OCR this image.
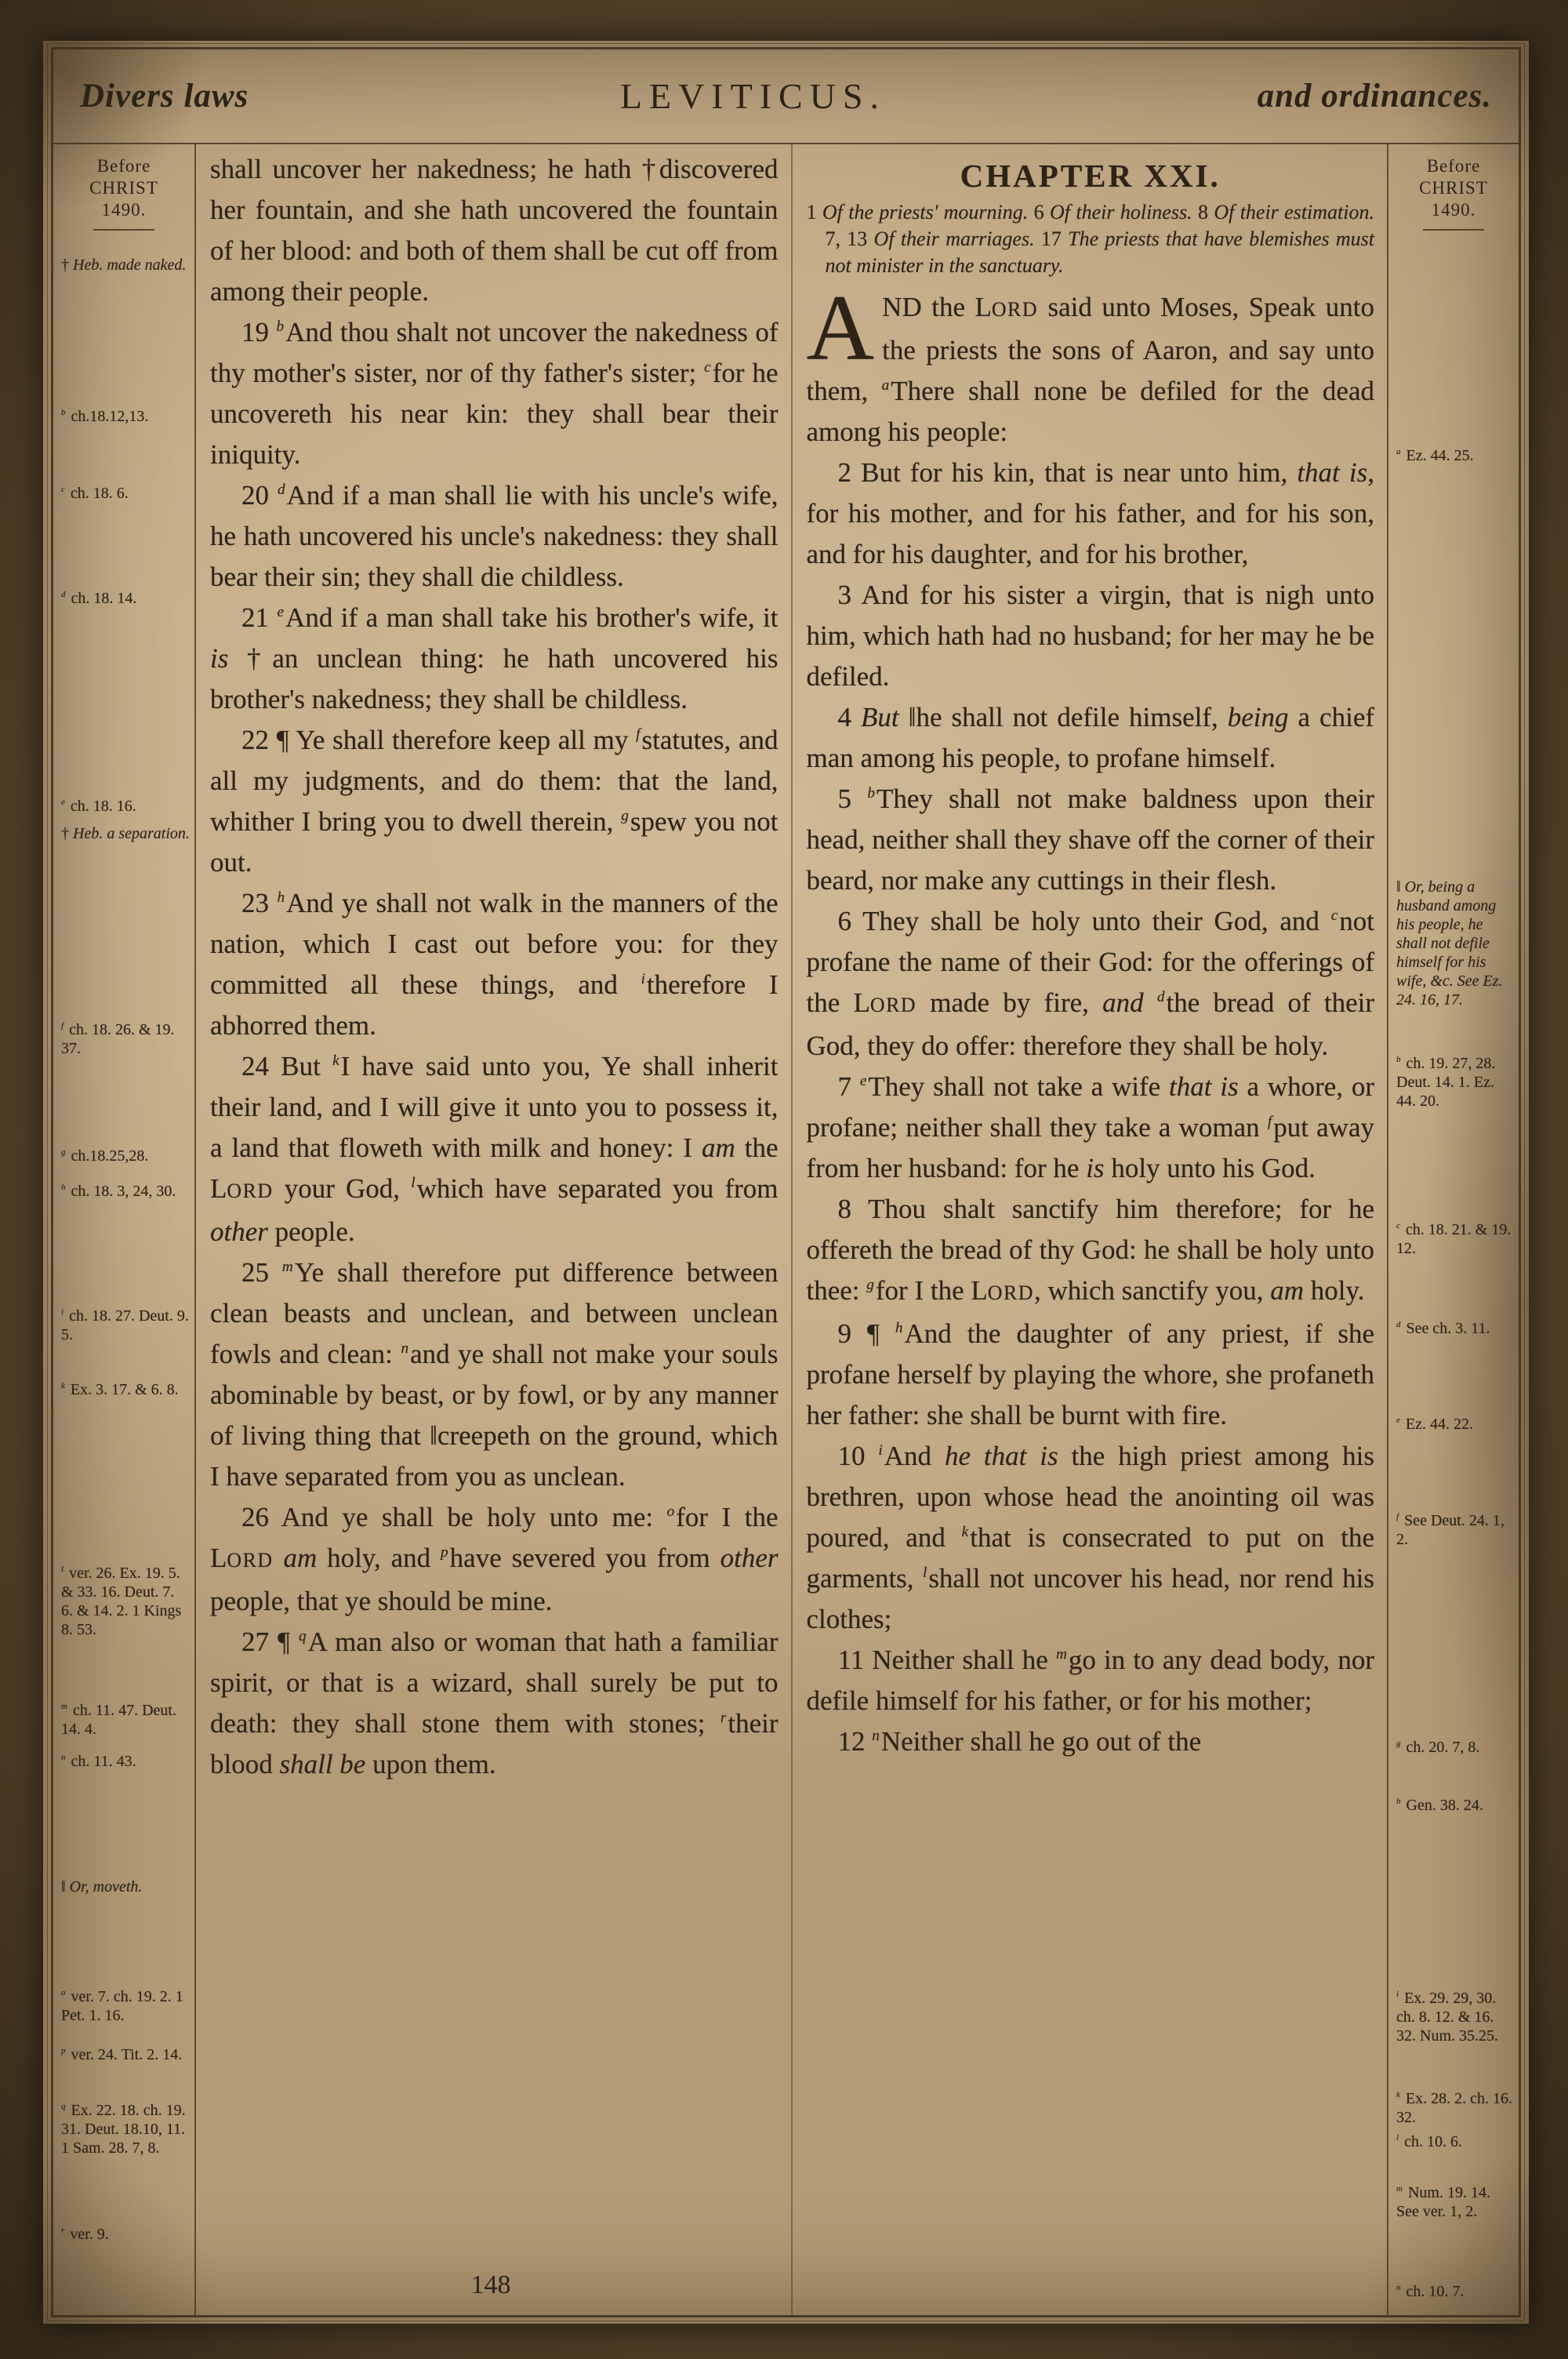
Divers laws	LEVITICUS.	and ordinances.
Before
CHRIST
1490.
† Heb. made naked.
$^b$ ch.18.12,13.
$^c$ ch. 18. 6.
$^d$ ch. 18. 14.
$^e$ ch. 18. 16.
† Heb. a separation.
$^f$ ch. 18. 26. & 19. 37.
$^g$ ch.18.25,28.
$^h$ ch. 18. 3, 24, 30.
$^i$ ch. 18. 27. Deut. 9. 5.
$^k$ Ex. 3. 17. & 6. 8.
$^l$ ver. 26. Ex. 19. 5. & 33. 16. Deut. 7. 6. & 14. 2. 1 Kings 8. 53.
$^m$ ch. 11. 47. Deut. 14. 4.
$^n$ ch. 11. 43.
‖ Or, moveth.
$^o$ ver. 7. ch. 19. 2. 1 Pet. 1. 16.
$^p$ ver. 24. Tit. 2. 14.
$^q$ Ex. 22. 18. ch. 19. 31. Deut. 18.10, 11. 1 Sam. 28. 7, 8.
$^r$ ver. 9.

shall uncover her nakedness; he hath †discovered her fountain, and she hath uncovered the fountain of her blood: and both of them shall be cut off from among their people.

19 $^b$And thou shalt not uncover the nakedness of thy mother's sister, nor of thy father's sister; $^c$for he uncovereth his near kin: they shall bear their iniquity.

20 $^d$And if a man shall lie with his uncle's wife, he hath uncovered his uncle's nakedness: they shall bear their sin; they shall die childless.

21 $^e$And if a man shall take his brother's wife, it is †an unclean thing: he hath uncovered his brother's nakedness; they shall be childless.

22 ¶ Ye shall therefore keep all my $^f$statutes, and all my judgments, and do them: that the land, whither I bring you to dwell therein, $^g$spew you not out.

23 $^h$And ye shall not walk in the manners of the nation, which I cast out before you: for they committed all these things, and $^i$therefore I abhorred them.

24 But $^k$I have said unto you, Ye shall inherit their land, and I will give it unto you to possess it, a land that floweth with milk and honey: I am the LORD your God, $^l$which have separated you from other people.

25 $^m$Ye shall therefore put difference between clean beasts and unclean, and between unclean fowls and clean: $^n$and ye shall not make your souls abominable by beast, or by fowl, or by any manner of living thing that ‖creepeth on the ground, which I have separated from you as unclean.

26 And ye shall be holy unto me: $^o$for I the LORD am holy, and $^p$have severed you from other people, that ye should be mine.

27 ¶ $^q$A man also or woman that hath a familiar spirit, or that is a wizard, shall surely be put to death: they shall stone them with stones; $^r$their blood shall be upon them.

CHAPTER XXI.

1 Of the priests' mourning. 6 Of their holiness. 8 Of their estimation. 7, 13 Of their marriages. 17 The priests that have blemishes must not minister in the sanctuary.

AND the LORD said unto Moses, Speak unto the priests the sons of Aaron, and say unto them, $^a$There shall none be defiled for the dead among his people:

2 But for his kin, that is near unto him, that is, for his mother, and for his father, and for his son, and for his daughter, and for his brother,

3 And for his sister a virgin, that is nigh unto him, which hath had no husband; for her may he be defiled.

4 But ‖he shall not defile himself, being a chief man among his people, to profane himself.

5 $^b$They shall not make baldness upon their head, neither shall they shave off the corner of their beard, nor make any cuttings in their flesh.

6 They shall be holy unto their God, and $^c$not profane the name of their God: for the offerings of the LORD made by fire, and $^d$the bread of their God, they do offer: therefore they shall be holy.

7 $^e$They shall not take a wife that is a whore, or profane; neither shall they take a woman $^f$put away from her husband: for he is holy unto his God.

8 Thou shalt sanctify him therefore; for he offereth the bread of thy God: he shall be holy unto thee: $^g$for I the LORD, which sanctify you, am holy.

9 ¶ $^h$And the daughter of any priest, if she profane herself by playing the whore, she profaneth her father: she shall be burnt with fire.

10 $^i$And he that is the high priest among his brethren, upon whose head the anointing oil was poured, and $^k$that is consecrated to put on the garments, $^l$shall not uncover his head, nor rend his clothes;

11 Neither shall he $^m$go in to any dead body, nor defile himself for his father, or for his mother;

12 $^n$Neither shall he go out of the

Before
CHRIST
1490.
$^a$ Ez. 44. 25.
‖ Or, being a husband among his people, he shall not defile himself for his wife, &c. See Ez. 24. 16, 17.
$^b$ ch. 19. 27, 28. Deut. 14. 1. Ez. 44. 20.
$^c$ ch. 18. 21. & 19. 12.
$^d$ See ch. 3. 11.
$^e$ Ez. 44. 22.
$^f$ See Deut. 24. 1, 2.
$^g$ ch. 20. 7, 8.
$^h$ Gen. 38. 24.
$^i$ Ex. 29. 29, 30. ch. 8. 12. & 16. 32. Num. 35.25.
$^k$ Ex. 28. 2. ch. 16. 32.
$^l$ ch. 10. 6.
$^m$ Num. 19. 14. See ver. 1, 2.
$^n$ ch. 10. 7.
148
